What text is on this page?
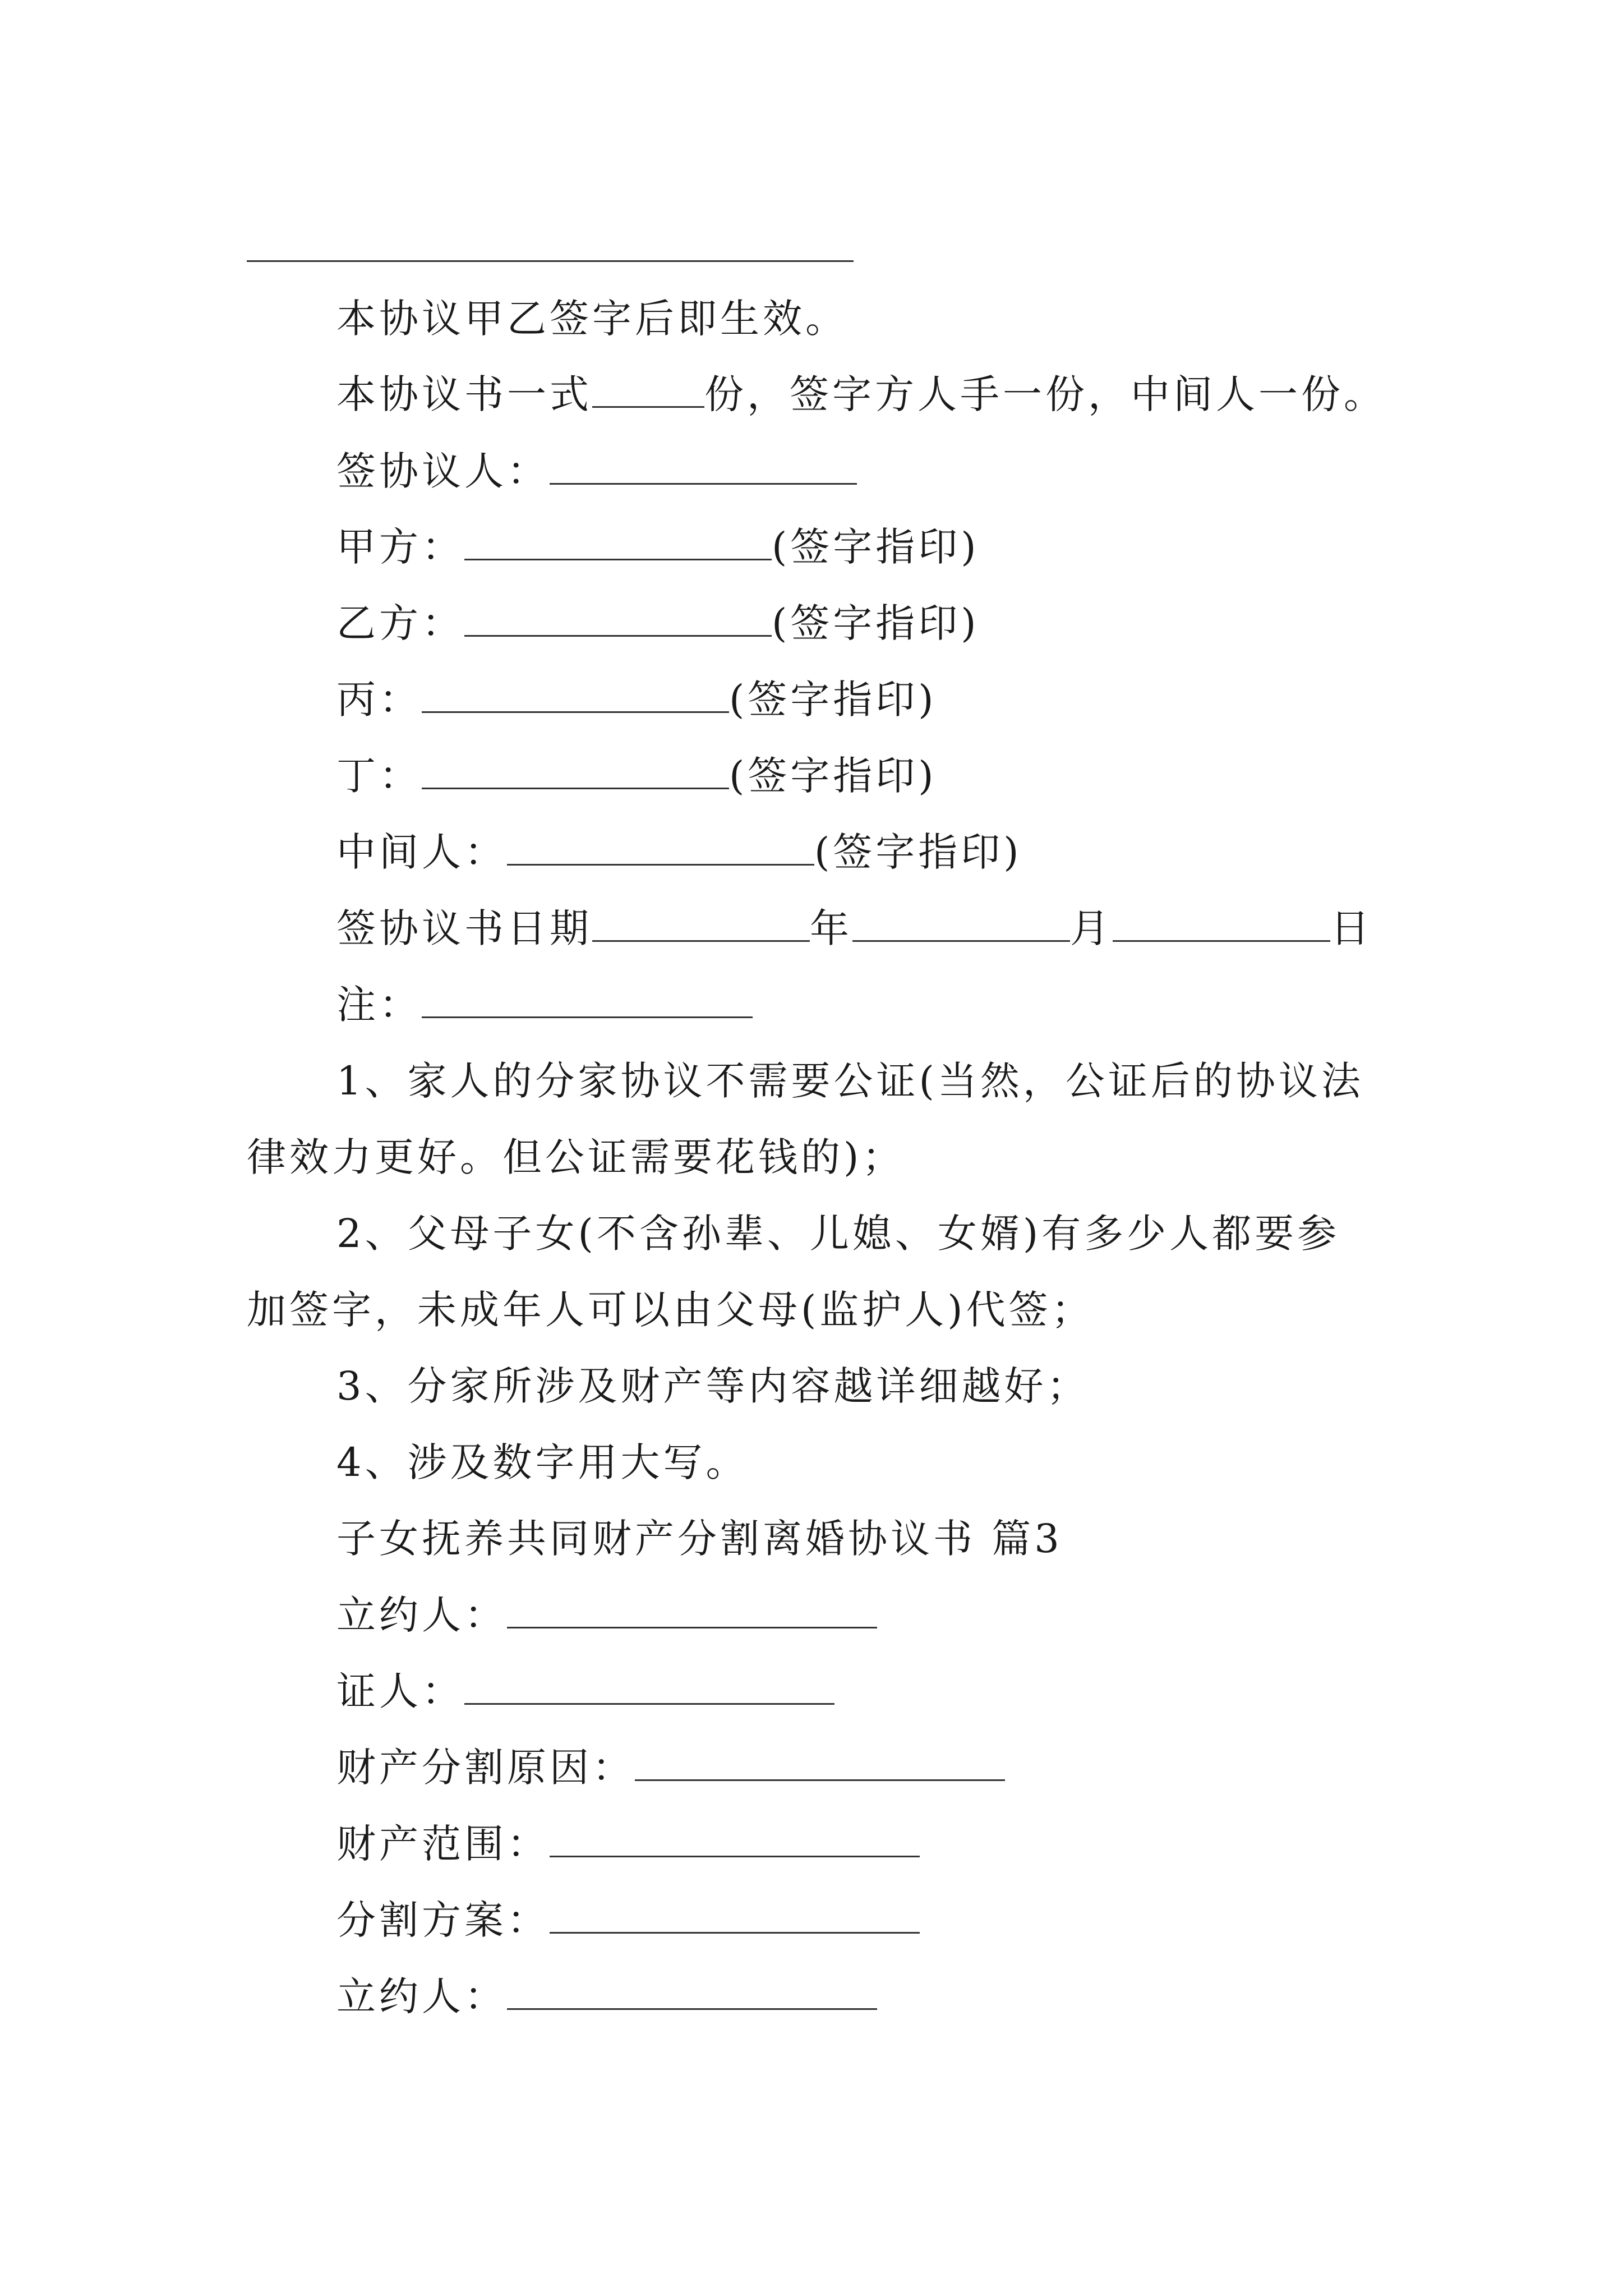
本协议甲乙签字后即生效。
本协议书一式	份，签字方人手一份，中间人一份。
签协议人：
甲方：	(签字指印)
乙方：	(签字指印)
丙：	(签字指印)
丁：	(签字指印)
中间人：	(签字指印)
签协议书日期	年	月	日
注：
1、家人的分家协议不需要公证(当然，公证后的协议法
律效力更好。但公证需要花钱的)；
2、父母子女(不含孙辈、儿媳、女婿)有多少人都要参
加签字，未成年人可以由父母(监护人)代签；
3、分家所涉及财产等内容越详细越好；
4、涉及数字用大写。
子女抚养共同财产分割离婚协议书 篇3
立约人：
证人：
财产分割原因：
财产范围：
分割方案：
立约人：
